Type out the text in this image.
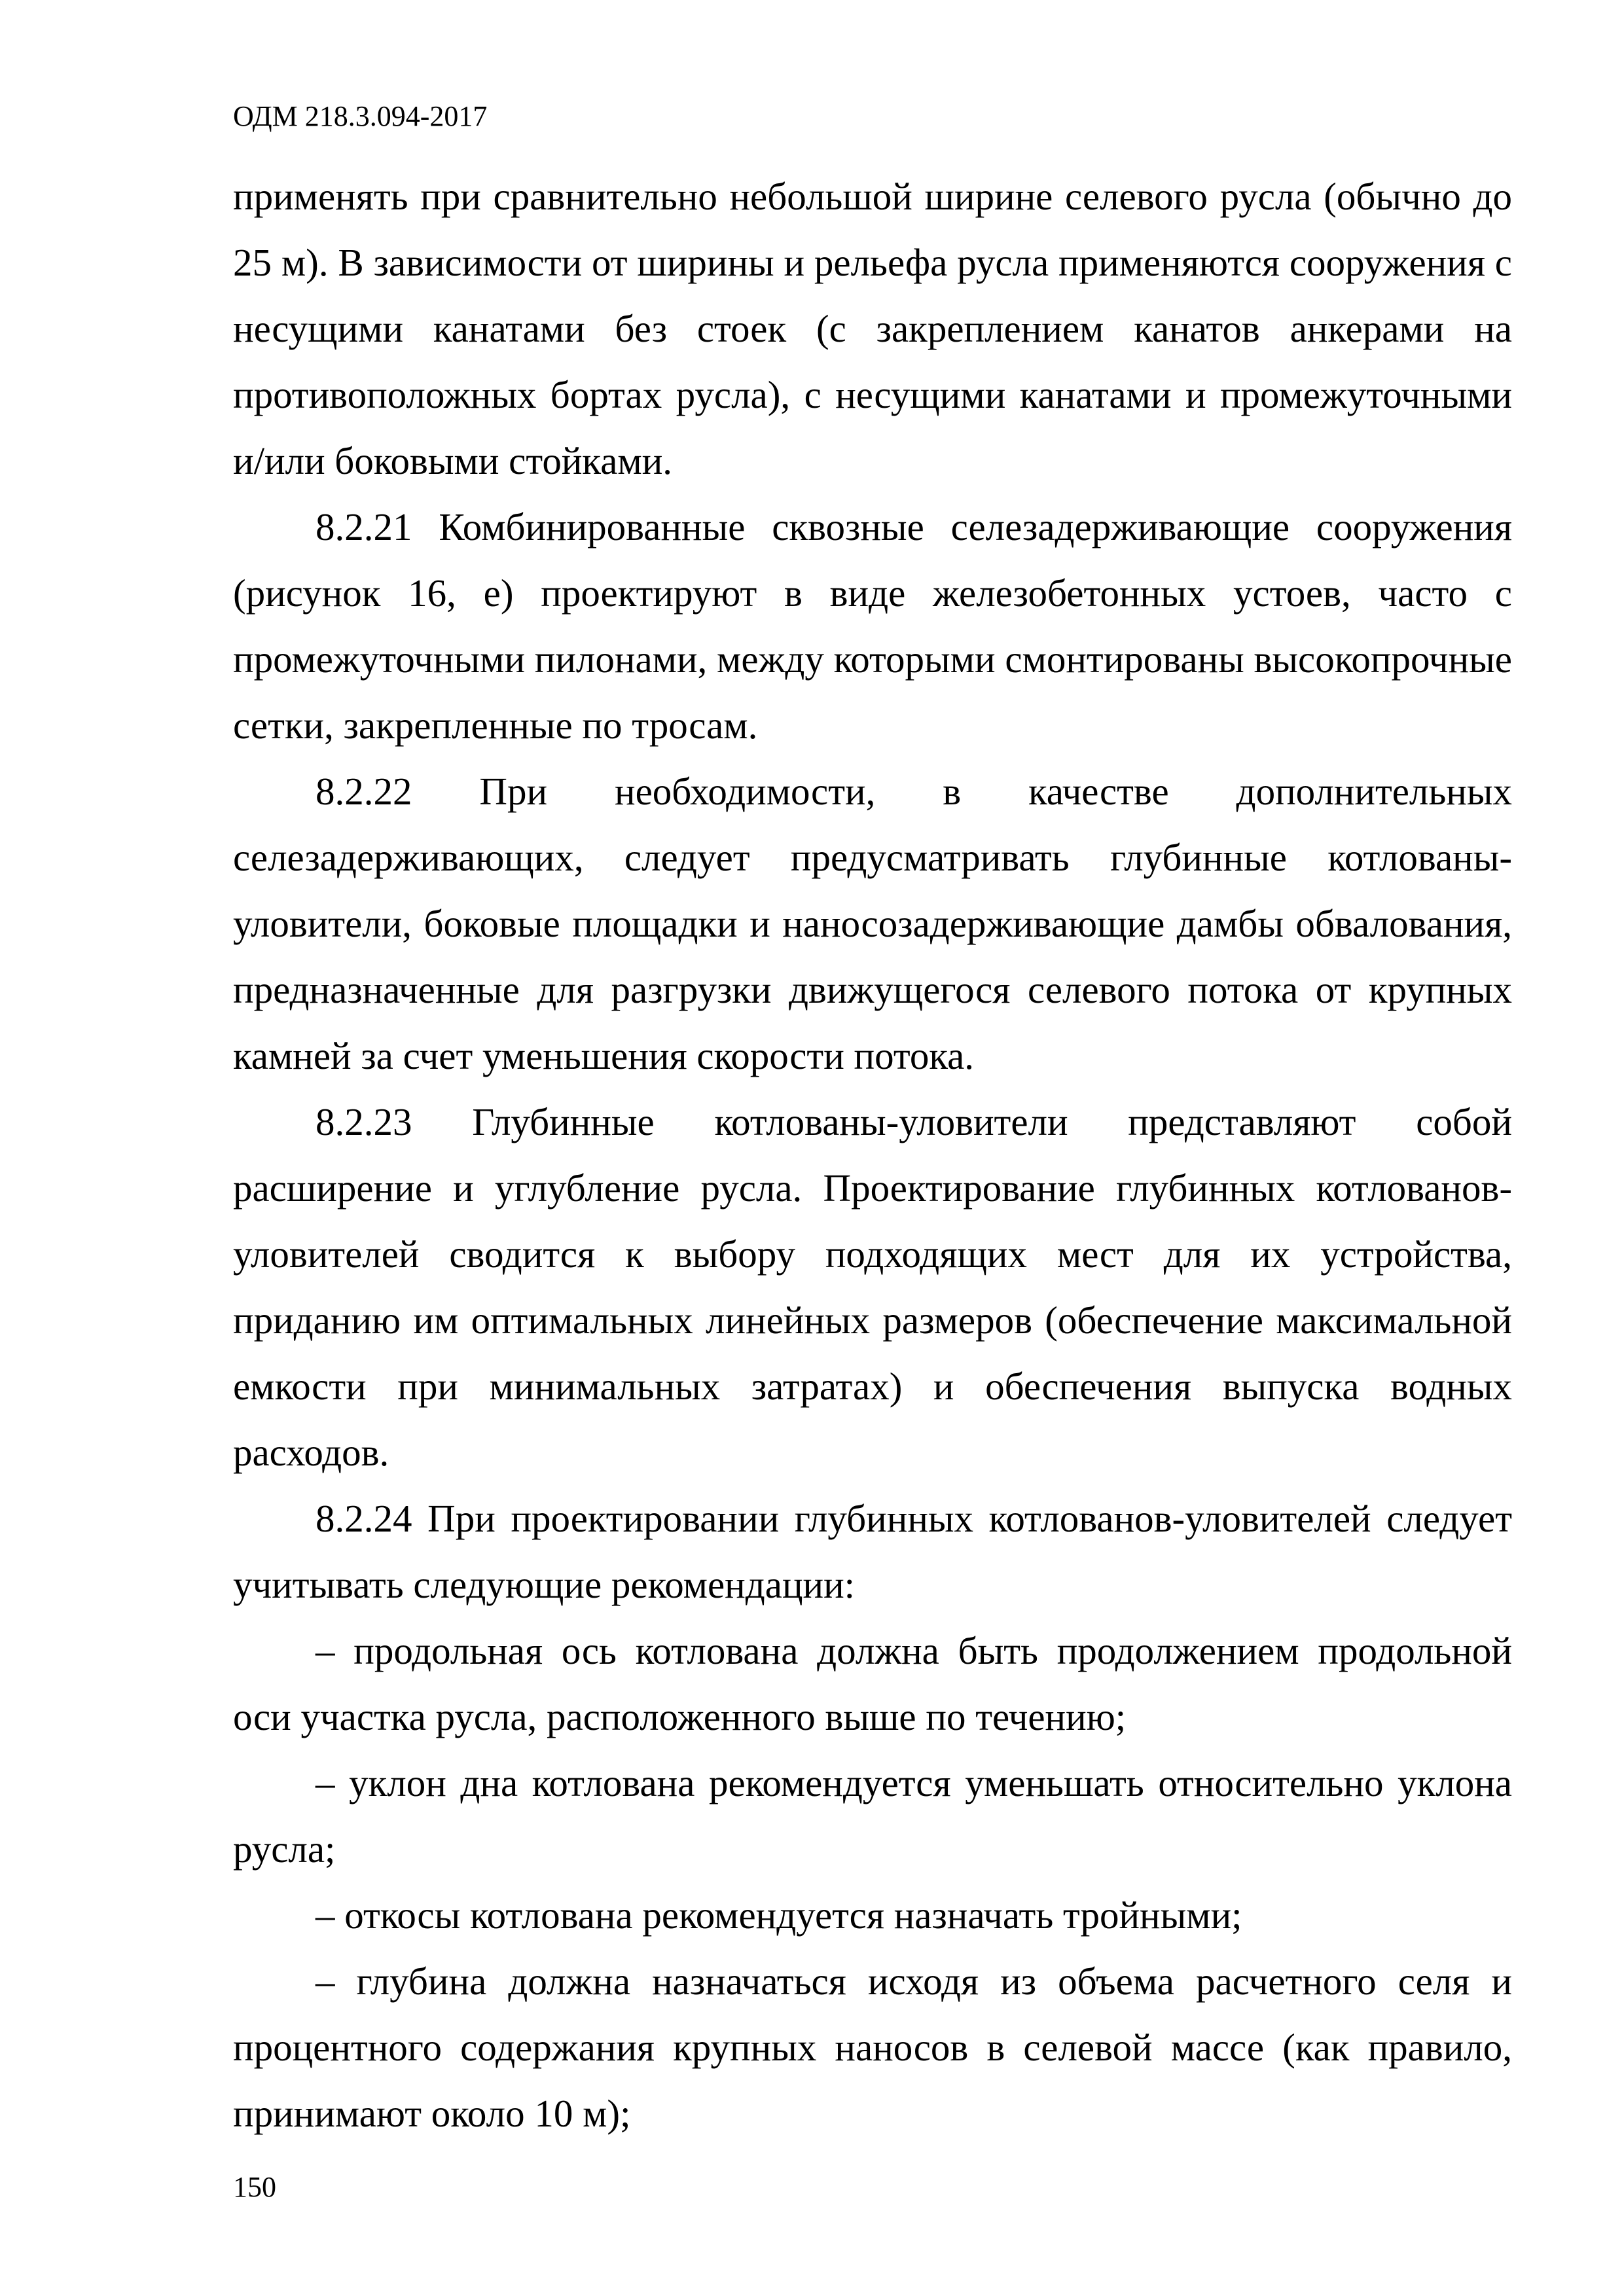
ОДМ 218.3.094-2017

применять при сравнительно небольшой ширине селевого русла (обычно до 25 м). В зависимости от ширины и рельефа русла применяются сооружения с несущими канатами без стоек (с закреплением канатов анкерами на противоположных бортах русла), с несущими канатами и промежуточными и/или боковыми стойками.

8.2.21 Комбинированные сквозные селезадерживающие сооружения (рисунок 16, е) проектируют в виде железобетонных устоев, часто с промежуточными пилонами, между которыми смонтированы высокопрочные сетки, закрепленные по тросам.

8.2.22 При необходимости, в качестве дополнительных селезадерживающих, следует предусматривать глубинные котлованы-уловители, боковые площадки и наносозадерживающие дамбы обвалования, предназначенные для разгрузки движущегося селевого потока от крупных камней за счет уменьшения скорости потока.

8.2.23 Глубинные котлованы-уловители представляют собой расширение и углубление русла. Проектирование глубинных котлованов-уловителей сводится к выбору подходящих мест для их устройства, приданию им оптимальных линейных размеров (обеспечение максимальной емкости при минимальных затратах) и обеспечения выпуска водных расходов.

8.2.24 При проектировании глубинных котлованов-уловителей следует учитывать следующие рекомендации:

– продольная ось котлована должна быть продолжением продольной оси участка русла, расположенного выше по течению;

– уклон дна котлована рекомендуется уменьшать относительно уклона русла;

– откосы котлована рекомендуется назначать тройными;

– глубина должна назначаться исходя из объема расчетного селя и процентного содержания крупных наносов в селевой массе (как правило, принимают около 10 м);

150
